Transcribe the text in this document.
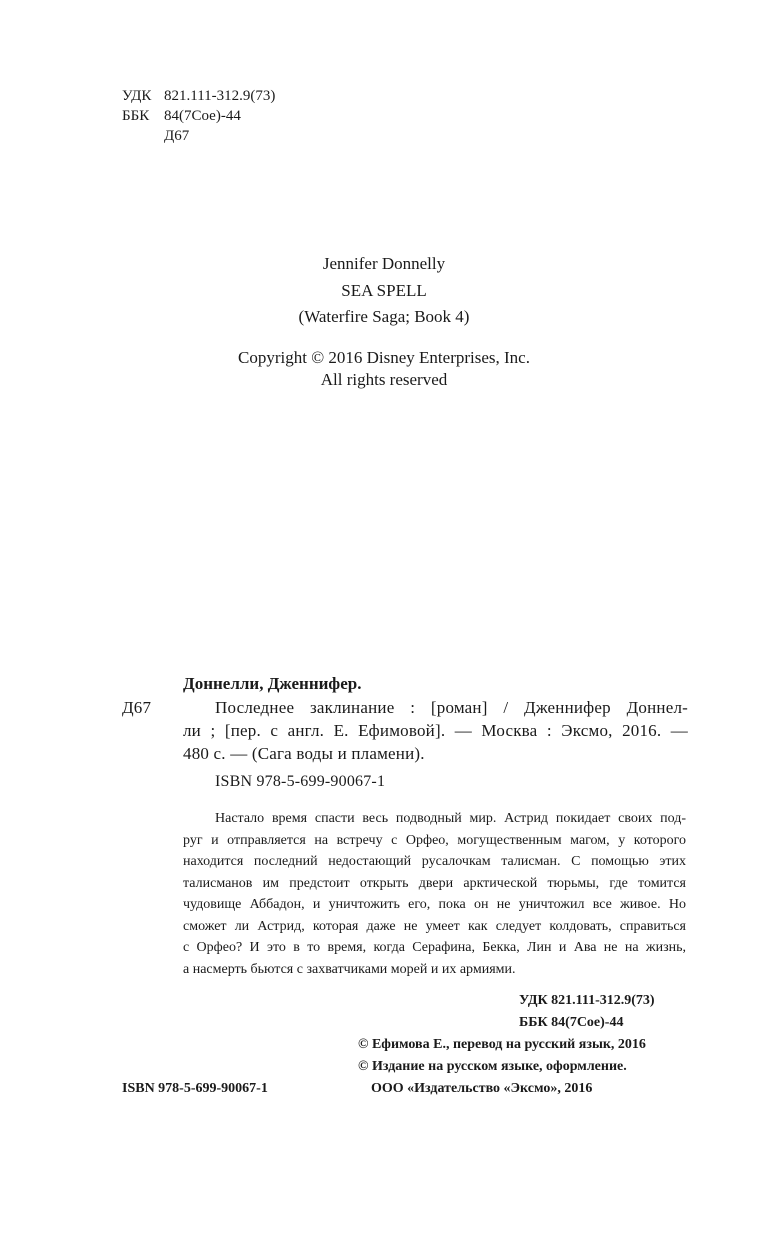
УДК 821.111-312.9(73)
ББК 84(7Сое)-44
Д67
Jennifer Donnelly
SEA SPELL
(Waterfire Saga; Book 4)
Copyright © 2016 Disney Enterprises, Inc.
All rights reserved
Доннелли, Дженнифер.
Д67	Последнее заклинание : [роман] / Дженнифер Доннел-
ли ; [пер. с англ. Е. Ефимовой]. — Москва : Эксмо, 2016. —
480 с. — (Сага воды и пламени).
ISBN 978-5-699-90067-1
Настало время спасти весь подводный мир. Астрид покидает своих под-
руг и отправляется на встречу с Орфео, могущественным магом, у которого
находится последний недостающий русалочкам талисман. С помощью этих
талисманов им предстоит открыть двери арктической тюрьмы, где томится
чудовище Аббадон, и уничтожить его, пока он не уничтожил все живое. Но
сможет ли Астрид, которая даже не умеет как следует колдовать, справиться
с Орфео? И это в то время, когда Серафина, Бекка, Лин и Ава не на жизнь,
а насмерть бьются с захватчиками морей и их армиями.
УДК 821.111-312.9(73)
ББК 84(7Сое)-44
© Ефимова Е., перевод на русский язык, 2016
© Издание на русском языке, оформление.
ООО «Издательство «Эксмо», 2016
ISBN 978-5-699-90067-1
